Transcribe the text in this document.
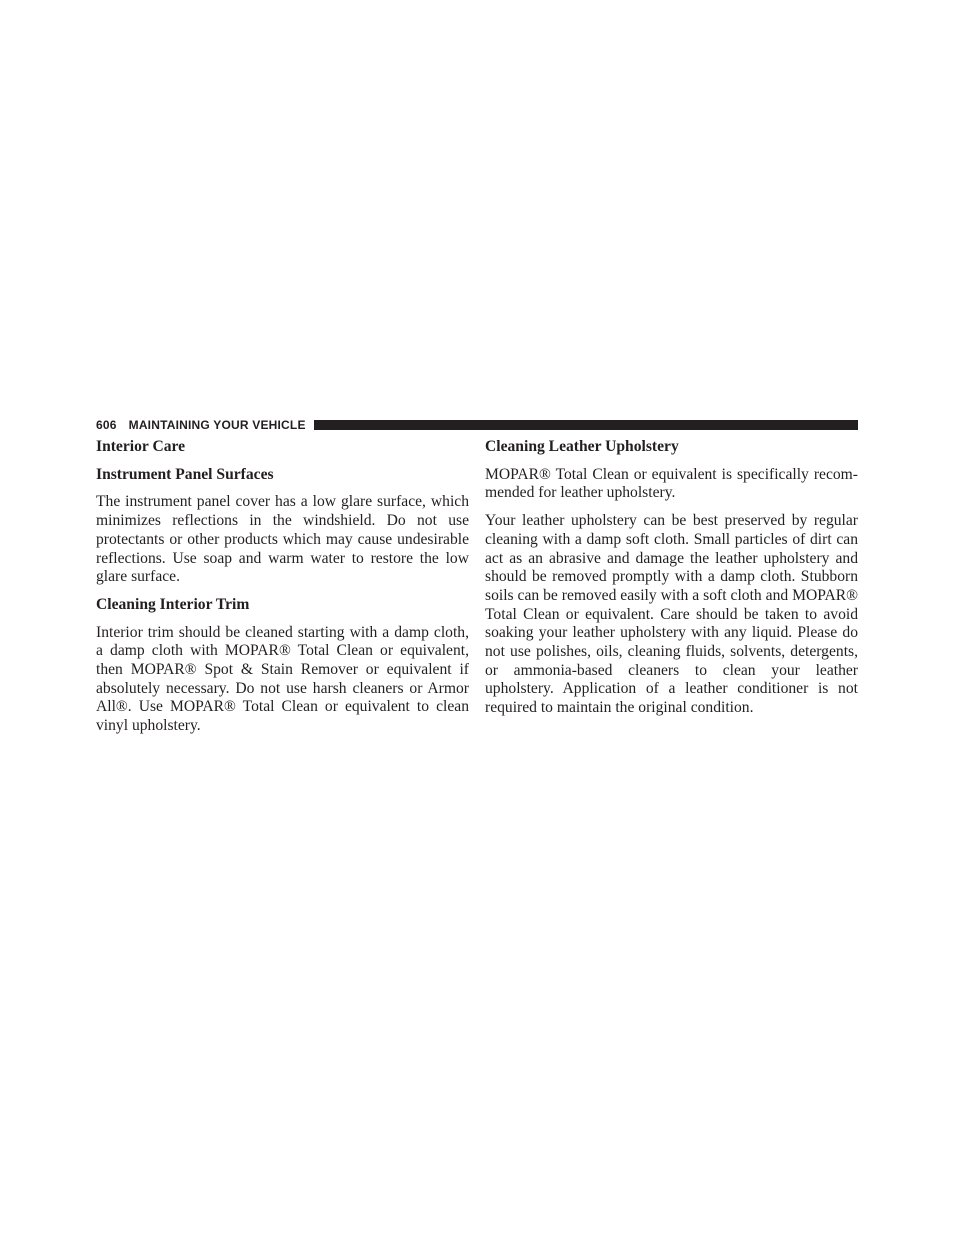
606 MAINTAINING YOUR VEHICLE
Interior Care
Instrument Panel Surfaces

The instrument panel cover has a low glare surface, which minimizes reflections in the windshield. Do not use protectants or other products which may cause undesirable reflections. Use soap and warm water to restore the low glare surface.

Cleaning Interior Trim

Interior trim should be cleaned starting with a damp cloth, a damp cloth with MOPAR® Total Clean or equivalent, then MOPAR® Spot & Stain Remover or equivalent if absolutely necessary. Do not use harsh cleaners or Armor All®. Use MOPAR® Total Clean or equivalent to clean vinyl upholstery.

Cleaning Leather Upholstery

MOPAR® Total Clean or equivalent is specifically recommended for leather upholstery.

Your leather upholstery can be best preserved by regular cleaning with a damp soft cloth. Small particles of dirt can act as an abrasive and damage the leather upholstery and should be removed promptly with a damp cloth. Stubborn soils can be removed easily with a soft cloth and MOPAR® Total Clean or equivalent. Care should be taken to avoid soaking your leather upholstery with any liquid. Please do not use polishes, oils, cleaning fluids, solvents, detergents, or ammonia-based cleaners to clean your leather upholstery. Application of a leather conditioner is not required to maintain the original condition.
